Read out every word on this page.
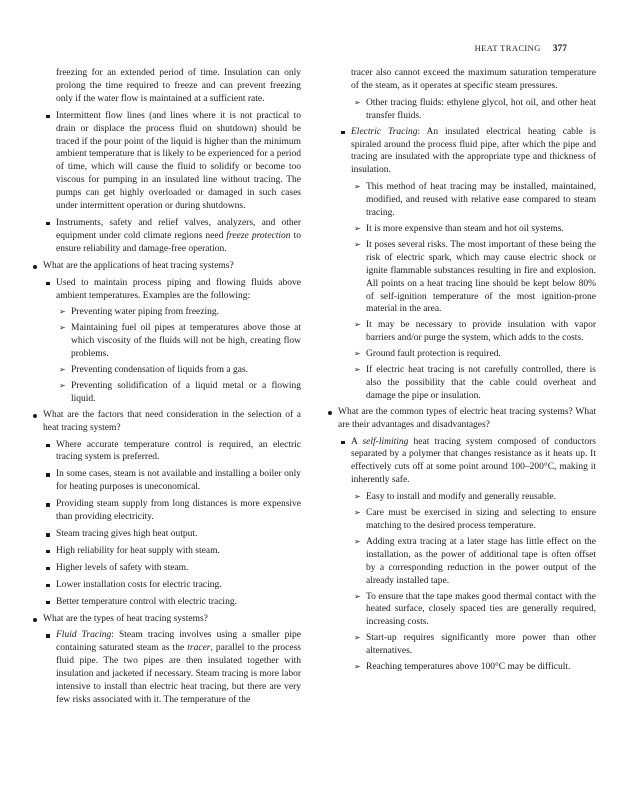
HEAT TRACING 377

freezing for an extended period of time. Insulation can only prolong the time required to freeze and can prevent freezing only if the water flow is maintained at a sufficient rate.

Intermittent flow lines (and lines where it is not practical to drain or displace the process fluid on shutdown) should be traced if the pour point of the liquid is higher than the minimum ambient temperature that is likely to be experienced for a period of time, which will cause the fluid to solidify or become too viscous for pumping in an insulated line without tracing. The pumps can get highly overloaded or damaged in such cases under intermittent operation or during shutdowns.
Instruments, safety and relief valves, analyzers, and other equipment under cold climate regions need freeze protection to ensure reliability and damage-free operation.
What are the applications of heat tracing systems?
Used to maintain process piping and flowing fluids above ambient temperatures. Examples are the following:
➢ Preventing water piping from freezing.
➢ Maintaining fuel oil pipes at temperatures above those at which viscosity of the fluids will not be high, creating flow problems.
➢ Preventing condensation of liquids from a gas.
➢ Preventing solidification of a liquid metal or a flowing liquid.
What are the factors that need consideration in the selection of a heat tracing system?
Where accurate temperature control is required, an electric tracing system is preferred.
In some cases, steam is not available and installing a boiler only for heating purposes is uneconomical.
Providing steam supply from long distances is more expensive than providing electricity.
Steam tracing gives high heat output.
High reliability for heat supply with steam.
Higher levels of safety with steam.
Lower installation costs for electric tracing.
Better temperature control with electric tracing.
What are the types of heat tracing systems?
Fluid Tracing: Steam tracing involves using a smaller pipe containing saturated steam as the tracer, parallel to the process fluid pipe. The two pipes are then insulated together with insulation and jacketed if necessary. Steam tracing is more labor intensive to install than electric heat tracing, but there are very few risks associated with it. The temperature of the

tracer also cannot exceed the maximum saturation temperature of the steam, as it operates at specific steam pressures.

➢ Other tracing fluids: ethylene glycol, hot oil, and other heat transfer fluids.
Electric Tracing: An insulated electrical heating cable is spiraled around the process fluid pipe, after which the pipe and tracing are insulated with the appropriate type and thickness of insulation.
➢ This method of heat tracing may be installed, maintained, modified, and reused with relative ease compared to steam tracing.
➢ It is more expensive than steam and hot oil systems.
➢ It poses several risks. The most important of these being the risk of electric spark, which may cause electric shock or ignite flammable substances resulting in fire and explosion. All points on a heat tracing line should be kept below 80% of self-ignition temperature of the most ignition-prone material in the area.
➢ It may be necessary to provide insulation with vapor barriers and/or purge the system, which adds to the costs.
➢ Ground fault protection is required.
➢ If electric heat tracing is not carefully controlled, there is also the possibility that the cable could overheat and damage the pipe or insulation.
What are the common types of electric heat tracing systems? What are their advantages and disadvantages?
A self-limiting heat tracing system composed of conductors separated by a polymer that changes resistance as it heats up. It effectively cuts off at some point around 100–200°C, making it inherently safe.
➢ Easy to install and modify and generally reusable.
➢ Care must be exercised in sizing and selecting to ensure matching to the desired process temperature.
➢ Adding extra tracing at a later stage has little effect on the installation, as the power of additional tape is often offset by a corresponding reduction in the power output of the already installed tape.
➢ To ensure that the tape makes good thermal contact with the heated surface, closely spaced ties are generally required, increasing costs.
➢ Start-up requires significantly more power than other alternatives.
➢ Reaching temperatures above 100°C may be difficult.
